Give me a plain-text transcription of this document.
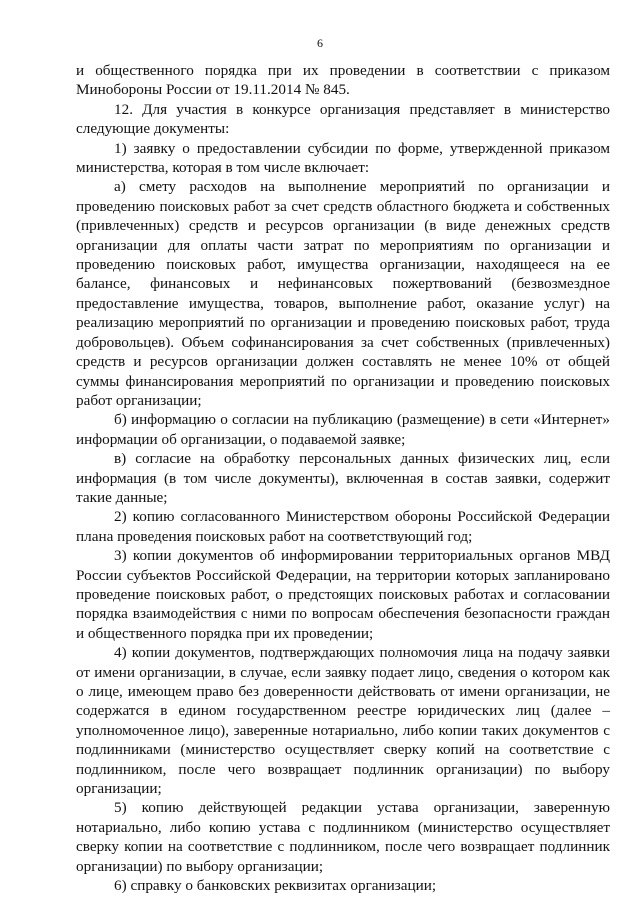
6

и общественного порядка при их проведении в соответствии с приказом Минобороны России от 19.11.2014 № 845.

12. Для участия в конкурсе организация представляет в министерство следующие документы:

1) заявку о предоставлении субсидии по форме, утвержденной приказом министерства, которая в том числе включает:

а) смету расходов на выполнение мероприятий по организации и проведению поисковых работ за счет средств областного бюджета и собственных (привлеченных) средств и ресурсов организации (в виде денежных средств организации для оплаты части затрат по мероприятиям по организации и проведению поисковых работ, имущества организации, находящееся на ее балансе, финансовых и нефинансовых пожертвований (безвозмездное предоставление имущества, товаров, выполнение работ, оказание услуг) на реализацию мероприятий по организации и проведению поисковых работ, труда добровольцев). Объем софинансирования за счет собственных (привлеченных) средств и ресурсов организации должен составлять не менее 10% от общей суммы финансирования мероприятий по организации и проведению поисковых работ организации;

б) информацию о согласии на публикацию (размещение) в сети «Интернет» информации об организации, о подаваемой заявке;

в) согласие на обработку персональных данных физических лиц, если информация (в том числе документы), включенная в состав заявки, содержит такие данные;

2) копию согласованного Министерством обороны Российской Федерации плана проведения поисковых работ на соответствующий год;

3) копии документов об информировании территориальных органов МВД России субъектов Российской Федерации, на территории которых запланировано проведение поисковых работ, о предстоящих поисковых работах и согласовании порядка взаимодействия с ними по вопросам обеспечения безопасности граждан и общественного порядка при их проведении;

4) копии документов, подтверждающих полномочия лица на подачу заявки от имени организации, в случае, если заявку подает лицо, сведения о котором как о лице, имеющем право без доверенности действовать от имени организации, не содержатся в едином государственном реестре юридических лиц (далее – уполномоченное лицо), заверенные нотариально, либо копии таких документов с подлинниками (министерство осуществляет сверку копий на соответствие с подлинником, после чего возвращает подлинник организации) по выбору организации;

5) копию действующей редакции устава организации, заверенную нотариально, либо копию устава с подлинником (министерство осуществляет сверку копии на соответствие с подлинником, после чего возвращает подлинник организации) по выбору организации;

6) справку о банковских реквизитах организации;
